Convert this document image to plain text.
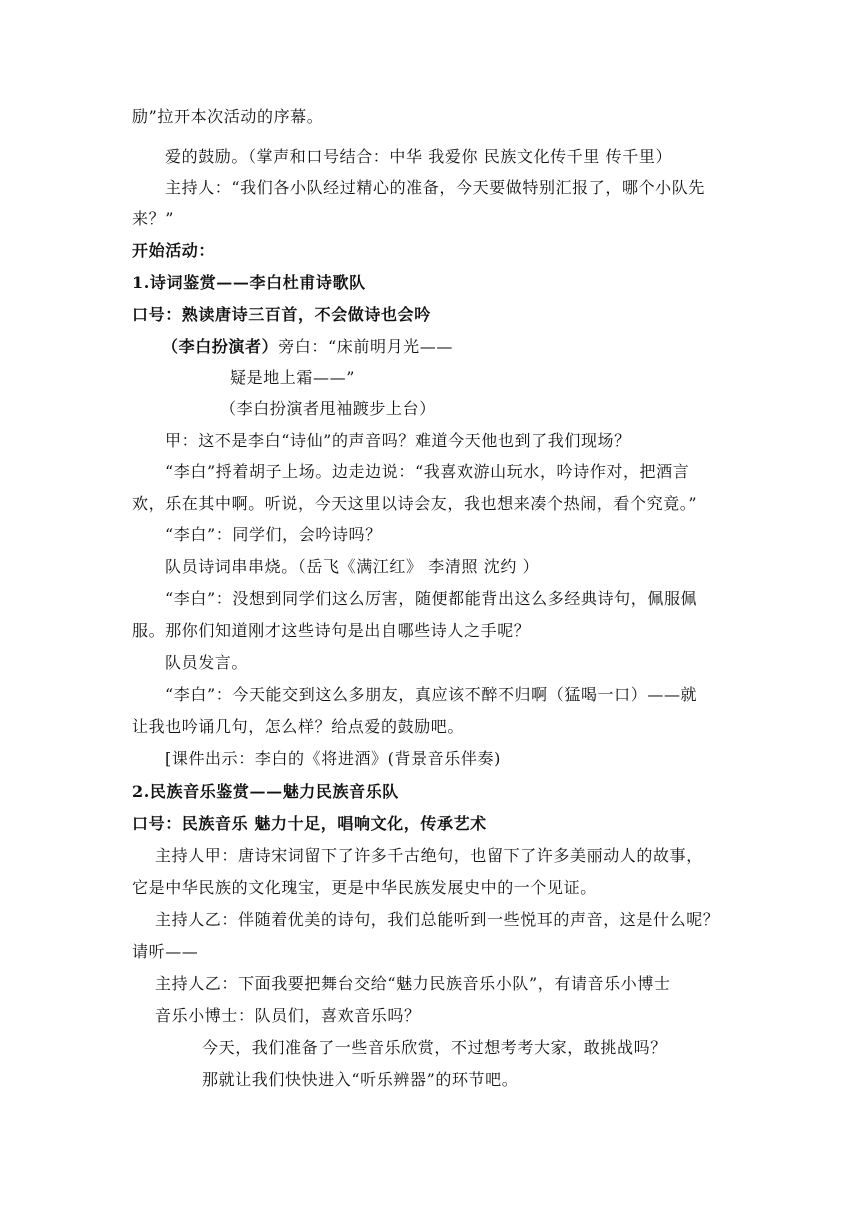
励”拉开本次活动的序幕。
爱的鼓励。（掌声和口号结合：中华 我爱你 民族文化传千里 传千里）
主持人：“我们各小队经过精心的准备，今天要做特别汇报了，哪个小队先
来？”
开始活动：
1.诗词鉴赏——李白杜甫诗歌队
口号：熟读唐诗三百首，不会做诗也会吟
（李白扮演者）旁白：“床前明月光——
疑是地上霜——”
（李白扮演者甩袖踱步上台）
甲：这不是李白“诗仙”的声音吗？难道今天他也到了我们现场？
“李白”捋着胡子上场。边走边说：“我喜欢游山玩水，吟诗作对，把酒言
欢，乐在其中啊。听说，今天这里以诗会友，我也想来凑个热闹，看个究竟。”
“李白”：同学们，会吟诗吗？
队员诗词串串烧。（岳飞《满江红》 李清照 沈约 ）
“李白”：没想到同学们这么厉害，随便都能背出这么多经典诗句，佩服佩
服。那你们知道刚才这些诗句是出自哪些诗人之手呢？
队员发言。
“李白”：今天能交到这么多朋友，真应该不醉不归啊（猛喝一口）——就
让我也吟诵几句，怎么样？给点爱的鼓励吧。
[课件出示：李白的《将进酒》(背景音乐伴奏)
2.民族音乐鉴赏——魅力民族音乐队
口号：民族音乐 魅力十足，唱响文化，传承艺术
主持人甲：唐诗宋词留下了许多千古绝句，也留下了许多美丽动人的故事，
它是中华民族的文化瑰宝，更是中华民族发展史中的一个见证。
主持人乙：伴随着优美的诗句，我们总能听到一些悦耳的声音，这是什么呢？
请听——
主持人乙：下面我要把舞台交给“魅力民族音乐小队”，有请音乐小博士
音乐小博士：队员们，喜欢音乐吗？
今天，我们准备了一些音乐欣赏，不过想考考大家，敢挑战吗？
那就让我们快快进入“听乐辨器”的环节吧。
